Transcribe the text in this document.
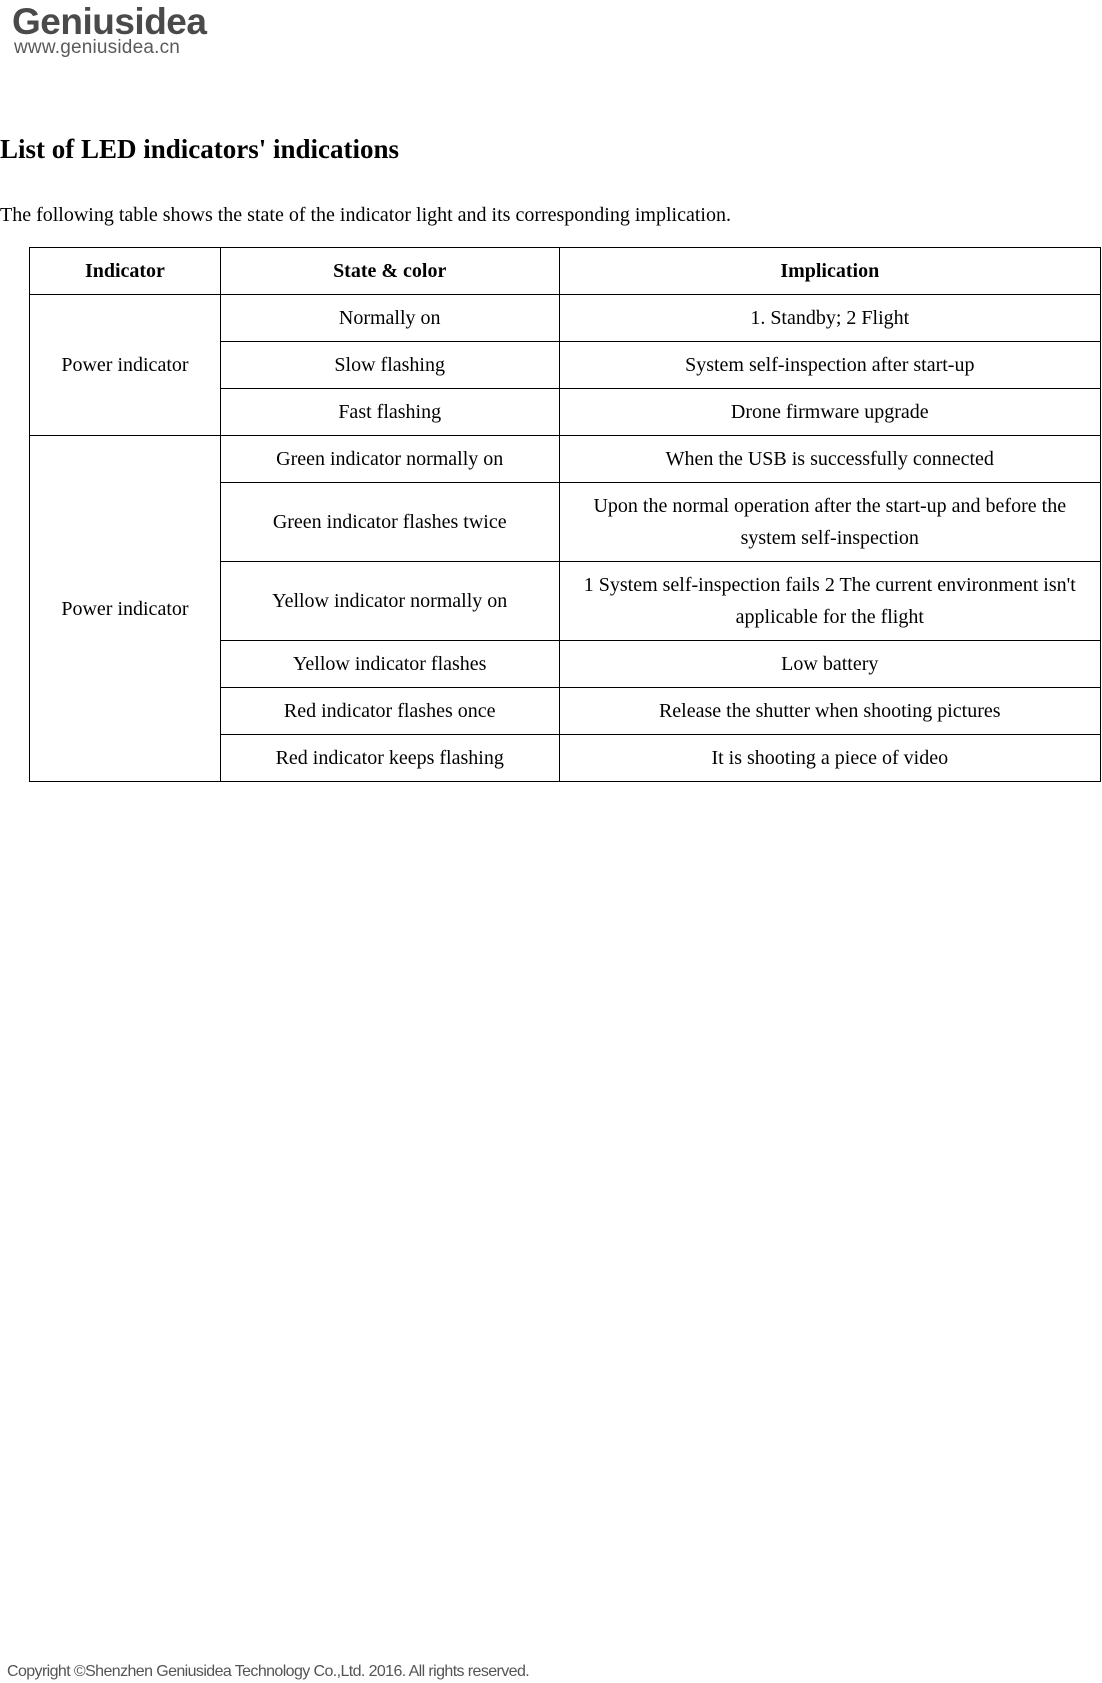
Geniusidea
www.geniusidea.cn
List of LED indicators' indications

The following table shows the state of the indicator light and its corresponding implication.

Indicator	State & color	Implication
Power indicator	Normally on	1. Standby; 2 Flight
	Slow flashing	System self-inspection after start-up
	Fast flashing	Drone firmware upgrade
Power indicator	Green indicator normally on	When the USB is successfully connected
	Green indicator flashes twice	Upon the normal operation after the start-up and before the system self-inspection
	Yellow indicator normally on	1 System self-inspection fails 2 The current environment isn't applicable for the flight
	Yellow indicator flashes	Low battery
	Red indicator flashes once	Release the shutter when shooting pictures
	Red indicator keeps flashing	It is shooting a piece of video
Copyright ©Shenzhen Geniusidea Technology Co.,Ltd. 2016. All rights reserved.
